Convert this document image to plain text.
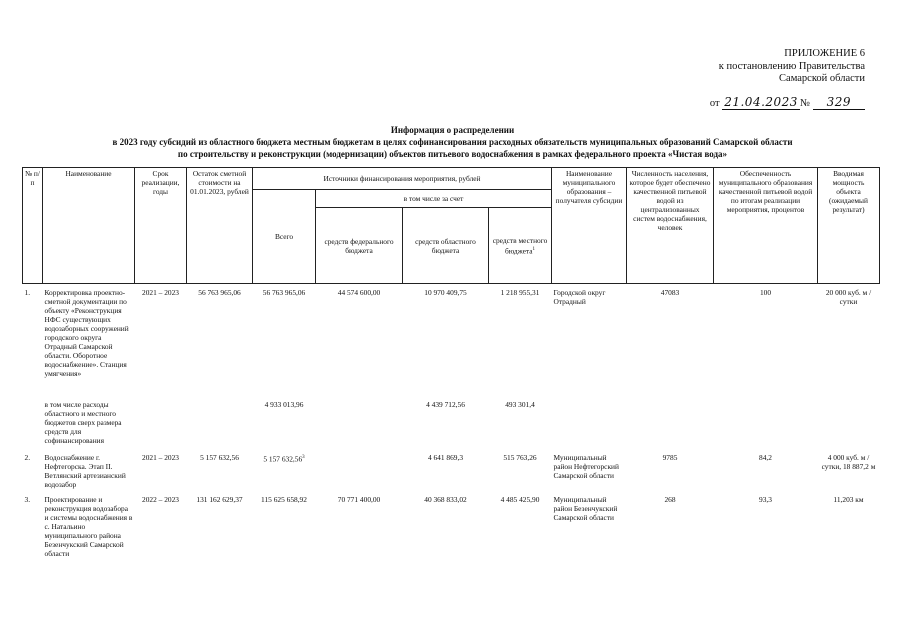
ПРИЛОЖЕНИЕ 6
к постановлению Правительства
Самарской области
от 21.04.2023 № 329
Информация о распределении
в 2023 году субсидий из областного бюджета местным бюджетам в целях софинансирования расходных обязательств муниципальных образований Самарской области
по строительству и реконструкции (модернизации) объектов питьевого водоснабжения в рамках федерального проекта «Чистая вода»
№ п/п	Наименование	Срок реализации, годы	Остаток сметной стоимости на 01.01.2023, рублей	Источники финансирования мероприятия, рублей				Наименование муниципального образования – получателя субсидии	Численность населения, которое будет обеспечено качественной питьевой водой из централизованных систем водоснабжения, человек	Обеспеченность муниципального образования качественной питьевой водой по итогам реализации мероприятия, процентов	Вводимая мощность объекта (ожидаемый результат)
				Всего	в том числе за счет						
					средств федерального бюджета	средств областного бюджета	средств местного бюджета$^1$
1.	Корректировка проектно-сметной документации по объекту «Реконструкция НФС существующих водозаборных сооружений городского округа Отрадный Самарской области. Оборотное водоснабжение». Станция умягчения»	2021 – 2023	56 763 965,06	56 763 965,06	44 574 600,00	10 970 409,75	1 218 955,31	Городской округ Отрадный	47083	100	20 000 куб. м / сутки
	в том числе расходы областного и местного бюджетов сверх размера средств для софинансирования			4 933 013,96		4 439 712,56	493 301,4				
2.	Водоснабжение г. Нефтегорска. Этап II. Ветлянский артезианский водозабор	2021 – 2023	5 157 632,56	5 157 632,56$^3$		4 641 869,3	515 763,26	Муниципальный район Нефтегорский Самарской области	9785	84,2	4 000 куб. м / сутки, 18 887,2 м
3.	Проектирование и реконструкция водозабора и системы водоснабжения в с. Натальино муниципального района Безенчукский Самарской области	2022 – 2023	131 162 629,37	115 625 658,92	70 771 400,00	40 368 833,02	4 485 425,90	Муниципальный район Безенчукский Самарской области	268	93,3	11,203 км
